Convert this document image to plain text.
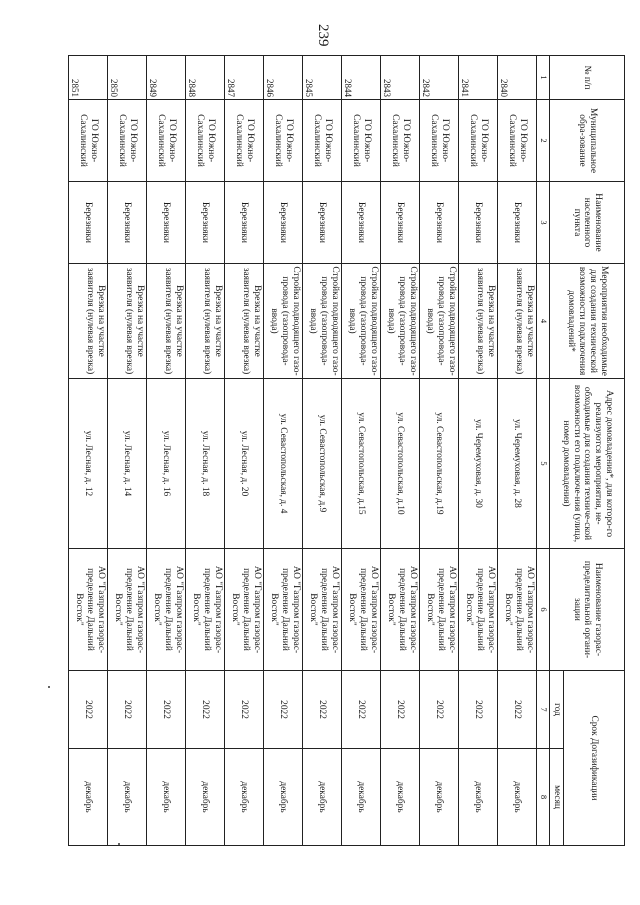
239
№ п/п	Муниципальное обра-зование	Наименование населенного пункта	Мероприятия необходимые для создания технической возможности подключения домовладений*	Адрес домовладения*, для которо-го реализуются мероприятия, не-обходимые для создания техниче-ской возможности его подключе-ния (улица, номер домовладения)	Наименование газорас-пределительной органи-зации	Срок Догазификации	
						год	месяц
1	2	3	4	5	6	7	8
2840	ГО Южно-Сахалинский	Березняки	Врезка на участке заявителя (нулевая врезка)	ул. Черемуховая, д. 28	АО "Газпром газорас-пределение Дальний Восток"	2022	декабрь
2841	ГО Южно-Сахалинский	Березняки	Врезка на участке заявителя (нулевая врезка)	ул. Черемуховая, д. 30	АО "Газпром газорас-пределение Дальний Восток"	2022	декабрь
2842	ГО Южно-Сахалинский	Березняки	Стройка подводящего газо-провода (газопровода-ввода)	ул. Севастопольская, д.19	АО "Газпром газорас-пределение Дальний Восток"	2022	декабрь
2843	ГО Южно-Сахалинский	Березняки	Стройка подводящего газо-провода (газопровода-ввода)	ул. Севастопольская, д.10	АО "Газпром газорас-пределение Дальний Восток"	2022	декабрь
2844	ГО Южно-Сахалинский	Березняки	Стройка подводящего газо-провода (газопровода-ввода)	ул. Севастопольская, д.15	АО "Газпром газорас-пределение Дальний Восток"	2022	декабрь
2845	ГО Южно-Сахалинский	Березняки	Стройка подводящего газо-провода (газопровода-ввода)	ул. Севастопольская, д.9	АО "Газпром газорас-пределение Дальний Восток"	2022	декабрь
2846	ГО Южно-Сахалинский	Березняки	Стройка подводящего газо-провода (газопровода-ввода)	ул. Севастопольская, д. 4	АО "Газпром газорас-пределение Дальний Восток"	2022	декабрь
2847	ГО Южно-Сахалинский	Березняки	Врезка на участке заявителя (нулевая врезка)	ул. Лесная, д. 20	АО "Газпром газорас-пределение Дальний Восток"	2022	декабрь
2848	ГО Южно-Сахалинский	Березняки	Врезка на участке заявителя (нулевая врезка)	ул. Лесная, д. 18	АО "Газпром газорас-пределение Дальний Восток"	2022	декабрь
2849	ГО Южно-Сахалинский	Березняки	Врезка на участке заявителя (нулевая врезка)	ул. Лесная, д. 16	АО "Газпром газорас-пределение Дальний Восток"	2022	декабрь
2850	ГО Южно-Сахалинский	Березняки	Врезка на участке заявителя (нулевая врезка)	ул. Лесная, д. 14	АО "Газпром газорас-пределение Дальний Восток"	2022	декабрь
2851	ГО Южно-Сахалинский	Березняки	Врезка на участке заявителя (нулевая врезка)	ул. Лесная, д. 12	АО "Газпром газорас-пределение Дальний Восток"	2022	декабрь
